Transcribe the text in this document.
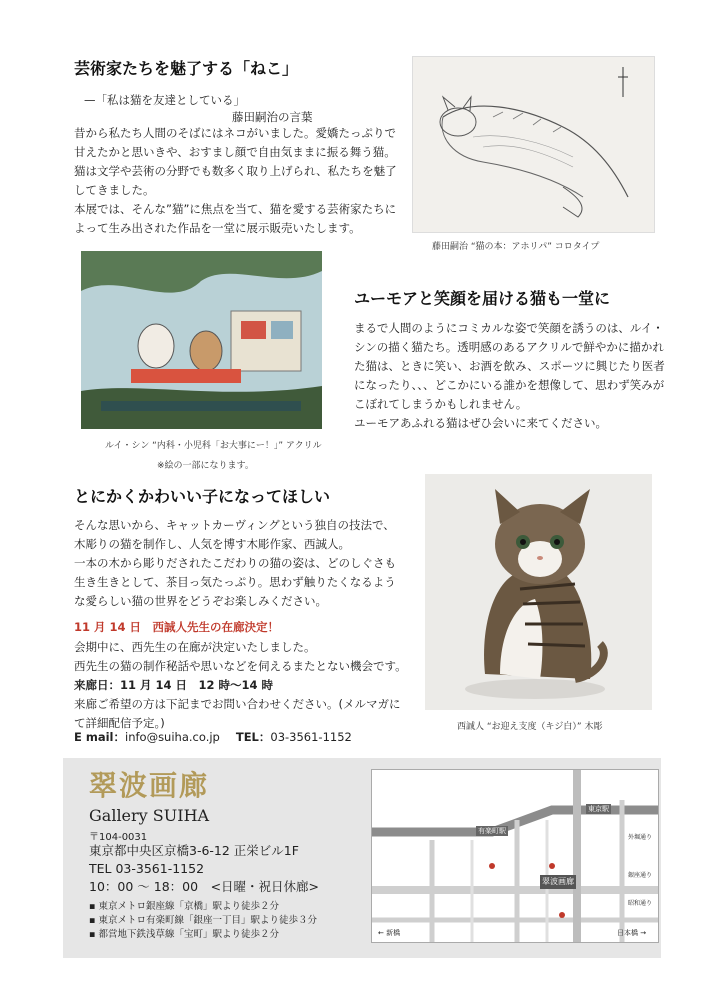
芸術家たちを魅了する「ねこ」
—「私は猫を友達としている」
藤田嗣治の言葉
昔から私たち人間のそばにはネコがいました。愛嬌たっぷりで
甘えたかと思いきや、おすまし顔で自由気ままに振る舞う猫。
猫は文学や芸術の分野でも数多く取り上げられ、私たちを魅了
してきました。
本展では、そんな”猫”に焦点を当て、猫を愛する芸術家たちに
よって生み出された作品を一堂に展示販売いたします。
藤田嗣治 “猫の本：アホリパ” コロタイプ
ルイ・シン “内科・小児科「お大事にー！」” アクリル
※絵の一部になります。
ユーモアと笑顔を届ける猫も一堂に
まるで人間のようにコミカルな姿で笑顔を誘うのは、ルイ・
シンの描く猫たち。透明感のあるアクリルで鮮やかに描かれ
た猫は、ときに笑い、お酒を飲み、スポーツに興じたり医者
になったり、、、どこかにいる誰かを想像して、思わず笑みが
こぼれてしまうかもしれません。
ユーモアあふれる猫はぜひ会いに来てください。
とにかくかわいい子になってほしい
そんな思いから、キャットカーヴィングという独自の技法で、
木彫りの猫を制作し、人気を博す木彫作家、西誠人。
一本の木から彫りだされたこだわりの猫の姿は、どのしぐさも
生き生きとして、茶目っ気たっぷり。思わず触りたくなるよう
な愛らしい猫の世界をどうぞお楽しみください。
11 月 14 日　西誠人先生の在廊決定！
会期中に、西先生の在廊が決定いたしました。
西先生の猫の制作秘話や思いなどを伺えるまたとない機会です。
来廊日：11 月 14 日　12 時〜14 時
来廊ご希望の方は下記までお問い合わせください。(メルマガに
て詳細配信予定。)
E mail：info@suiha.co.jp TEL：03-3561-1152
西誠人 “お迎え支度（キジ白）” 木彫
翠波画廊
Gallery SUIHA
〒104-0031
東京都中央区京橋3-6-12 正栄ビル1F
TEL 03-3561-1152
10：00 〜 18：00　<日曜・祝日休廊>
▪ 東京メトロ銀座線「京橋」駅より徒歩２分
▪ 東京メトロ有楽町線「銀座一丁目」駅より徒歩３分
▪ 都営地下鉄浅草線「宝町」駅より徒歩２分
有楽町駅
東京駅
翠波画廊
← 新橋	日本橋 →
外堀通り
銀座通り
昭和通り
